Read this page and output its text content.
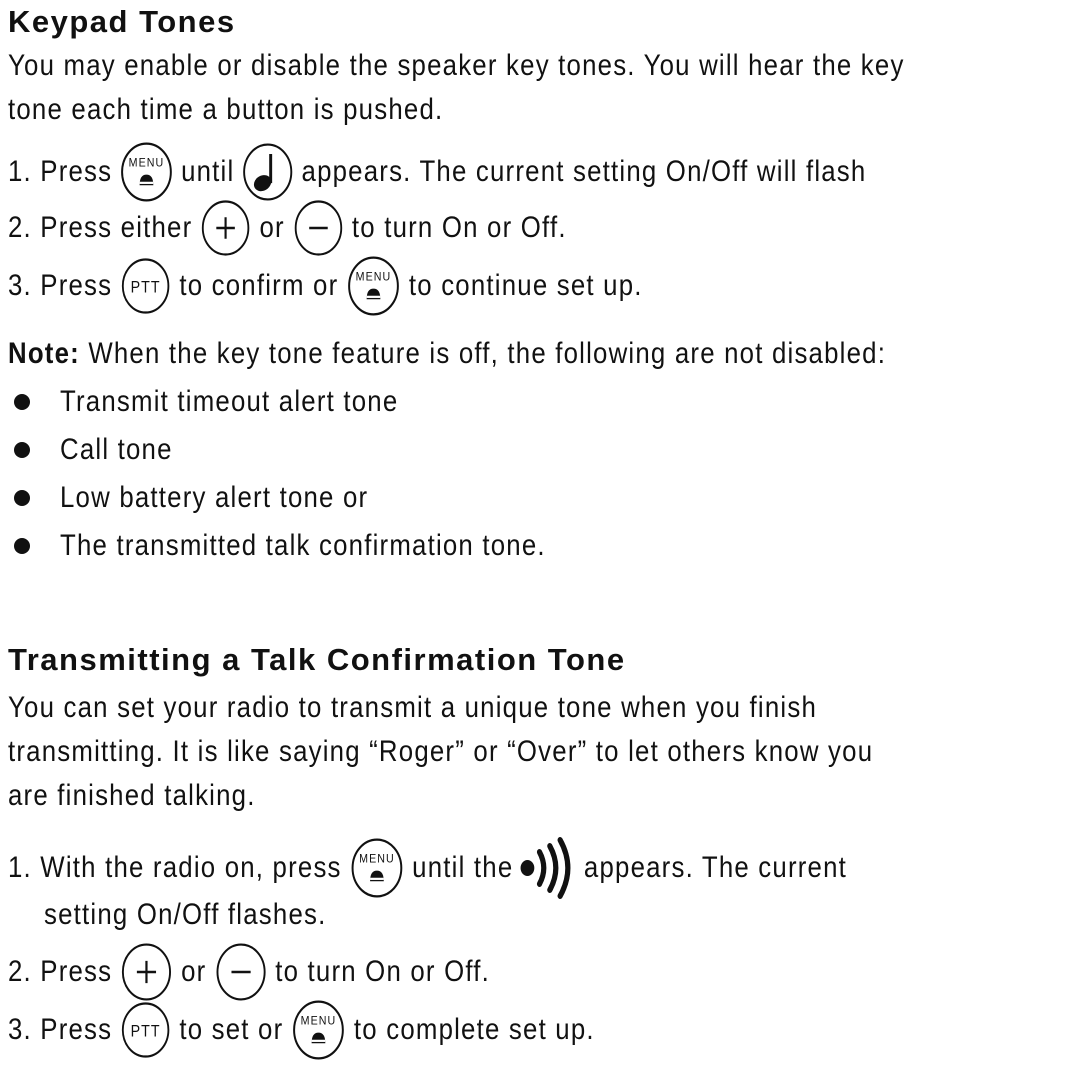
Keypad Tones
You may enable or disable the speaker key tones. You will hear the key
tone each time a button is pushed.
1. Press until appears. The current setting On/Off will flash
2. Press either or to turn On or Off.
3. Press to confirm or to continue set up.
Note: When the key tone feature is off, the following are not disabled:
Transmit timeout alert tone
Call tone
Low battery alert tone or
The transmitted talk confirmation tone.
Transmitting a Talk Confirmation Tone
You can set your radio to transmit a unique tone when you finish
transmitting. It is like saying “Roger” or “Over” to let others know you
are finished talking.
1. With the radio on, press until the appears. The current
setting On/Off flashes.
2. Press or to turn On or Off.
3. Press to set or to complete set up.
